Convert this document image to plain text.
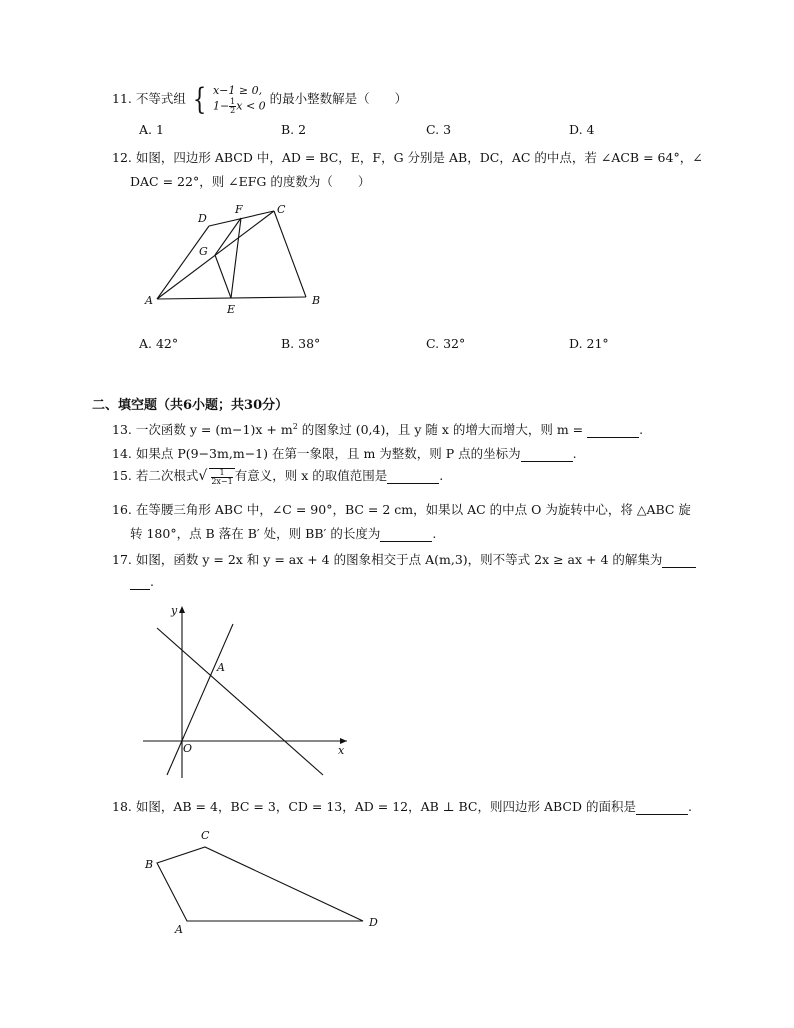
11. 不等式组 { x−1 ≥ 0,
$1- \frac{1}{2}$ x < 0 的最小整数解是（　　）
A. 1	B. 2	C. 3	D. 4
12. 如图，四边形 ABCD 中，AD = BC，E，F，G 分别是 AB，DC，AC 的中点，若 ∠ACB = 64°，∠
DAC = 22°，则 ∠EFG 的度数为（　　）
A	B
C
D
E
F
G
A. 42°	B. 38°	C. 32°	D. 21°
二、填空题（共6小题；共30分）
13. 一次函数 $y = (m-1)x + m^2$ 的图象过 (0,4)，且 y 随 x 的增大而增大，则 m =	.
14. 如果点 P(9−3m,m−1) 在第一象限，且 m 为整数，则 P 点的坐标为	.
15. 若二次根式√ $\frac{1}{2x-1}$ 有意义，则 x 的取值范围是	.
16. 在等腰三角形 ABC 中，∠C = 90°，BC = 2 cm，如果以 AC 的中点 O 为旋转中心，将 △ABC 旋
转 180°，点 B 落在 B′ 处，则 BB′ 的长度为	.
17. 如图，函数 y = 2x 和 y = ax + 4 的图象相交于点 A(m,3)，则不等式 2x ≥ ax + 4 的解集为
.
y
x
O
A
18. 如图，AB = 4，BC = 3，CD = 13，AD = 12，AB ⊥ BC，则四边形 ABCD 的面积是	.
A
B
C
D
